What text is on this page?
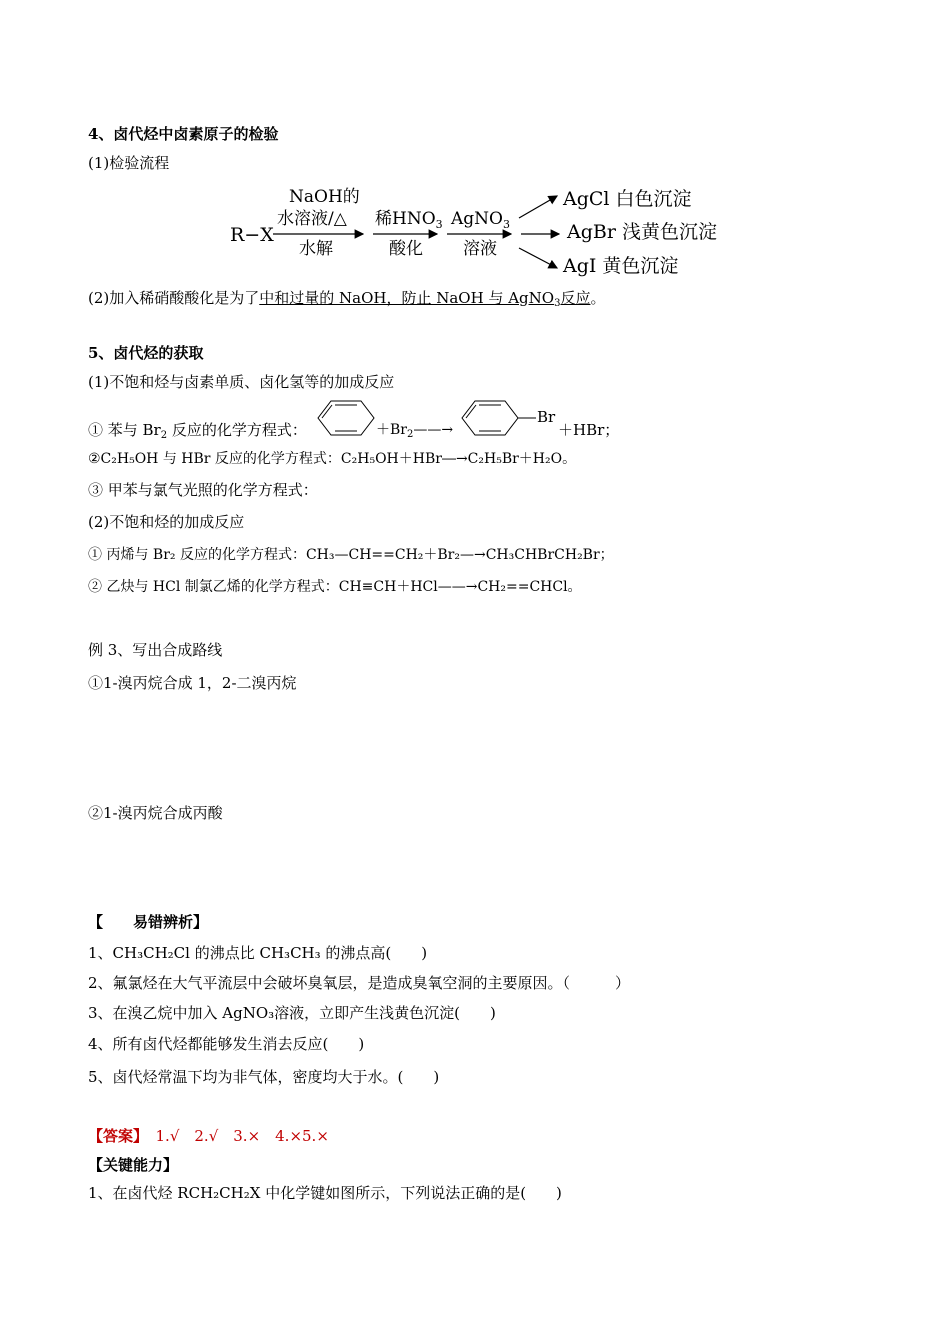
4、卤代烃中卤素原子的检验
(1)检验流程
R−X
NaOH的
水溶液/△
水解
稀$HNO_3$
酸化
AgNO$_3$
溶液
AgCl 白色沉淀
AgBr 浅黄色沉淀
AgI 黄色沉淀
(2)加入稀硝酸酸化是为了中和过量的 NaOH，防止 NaOH 与 AgNO$_3$反应。
5、卤代烃的获取
(1)不饱和烃与卤素单质、卤化氢等的加成反应
① 苯与 $Br_2$ 反应的化学方程式：	$+Br_2——\to$
Br
＋HBr；
②C₂H₅OH 与 HBr 反应的化学方程式：C₂H₅OH＋HBr―→C₂H₅Br＋H₂O。
③ 甲苯与氯气光照的化学方程式：
(2)不饱和烃的加成反应
① 丙烯与 Br₂ 反应的化学方程式：CH₃—CH==CH₂＋Br₂—→CH₃CHBrCH₂Br；
② 乙炔与 HCl 制氯乙烯的化学方程式：CH≡CH＋HCl——→CH₂==CHCl。
例 3、写出合成路线
①1-溴丙烷合成 1，2-二溴丙烷
②1-溴丙烷合成丙酸
【　　易错辨析】
1、CH₃CH₂Cl 的沸点比 CH₃CH₃ 的沸点高(　　)
2、氟氯烃在大气平流层中会破坏臭氧层，是造成臭氧空洞的主要原因。（　　　）
3、在溴乙烷中加入 AgNO₃溶液，立即产生浅黄色沉淀(　　)
4、所有卤代烃都能够发生消去反应(　　)
5、卤代烃常温下均为非气体，密度均大于水。(　　)
【答案】　1.√　2.√　3.×　4.×5.×
【关键能力】
1、在卤代烃 RCH₂CH₂X 中化学键如图所示，下列说法正确的是(　　)
